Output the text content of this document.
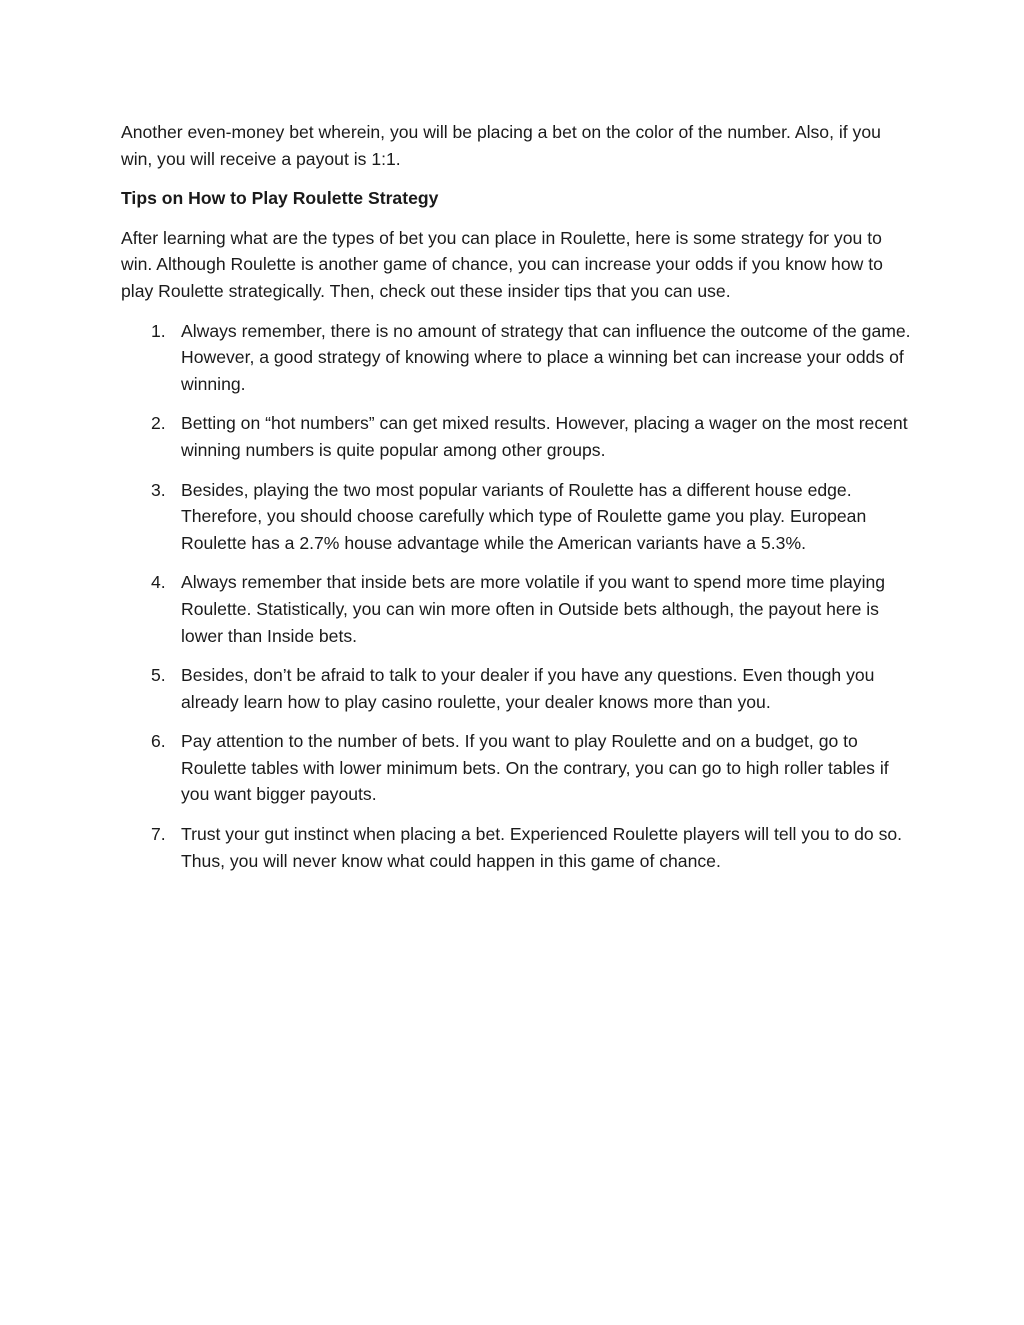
Another even-money bet wherein, you will be placing a bet on the color of the number. Also, if you win, you will receive a payout is 1:1.

Tips on How to Play Roulette Strategy

After learning what are the types of bet you can place in Roulette, here is some strategy for you to win. Although Roulette is another game of chance, you can increase your odds if you know how to play Roulette strategically. Then, check out these insider tips that you can use.

1. Always remember, there is no amount of strategy that can influence the outcome of the game. However, a good strategy of knowing where to place a winning bet can increase your odds of winning.
2. Betting on “hot numbers” can get mixed results. However, placing a wager on the most recent winning numbers is quite popular among other groups.
3. Besides, playing the two most popular variants of Roulette has a different house edge. Therefore, you should choose carefully which type of Roulette game you play. European Roulette has a 2.7% house advantage while the American variants have a 5.3%.
4. Always remember that inside bets are more volatile if you want to spend more time playing Roulette. Statistically, you can win more often in Outside bets although, the payout here is lower than Inside bets.
5. Besides, don’t be afraid to talk to your dealer if you have any questions. Even though you already learn how to play casino roulette, your dealer knows more than you.
6. Pay attention to the number of bets. If you want to play Roulette and on a budget, go to Roulette tables with lower minimum bets. On the contrary, you can go to high roller tables if you want bigger payouts.
7. Trust your gut instinct when placing a bet. Experienced Roulette players will tell you to do so. Thus, you will never know what could happen in this game of chance.
